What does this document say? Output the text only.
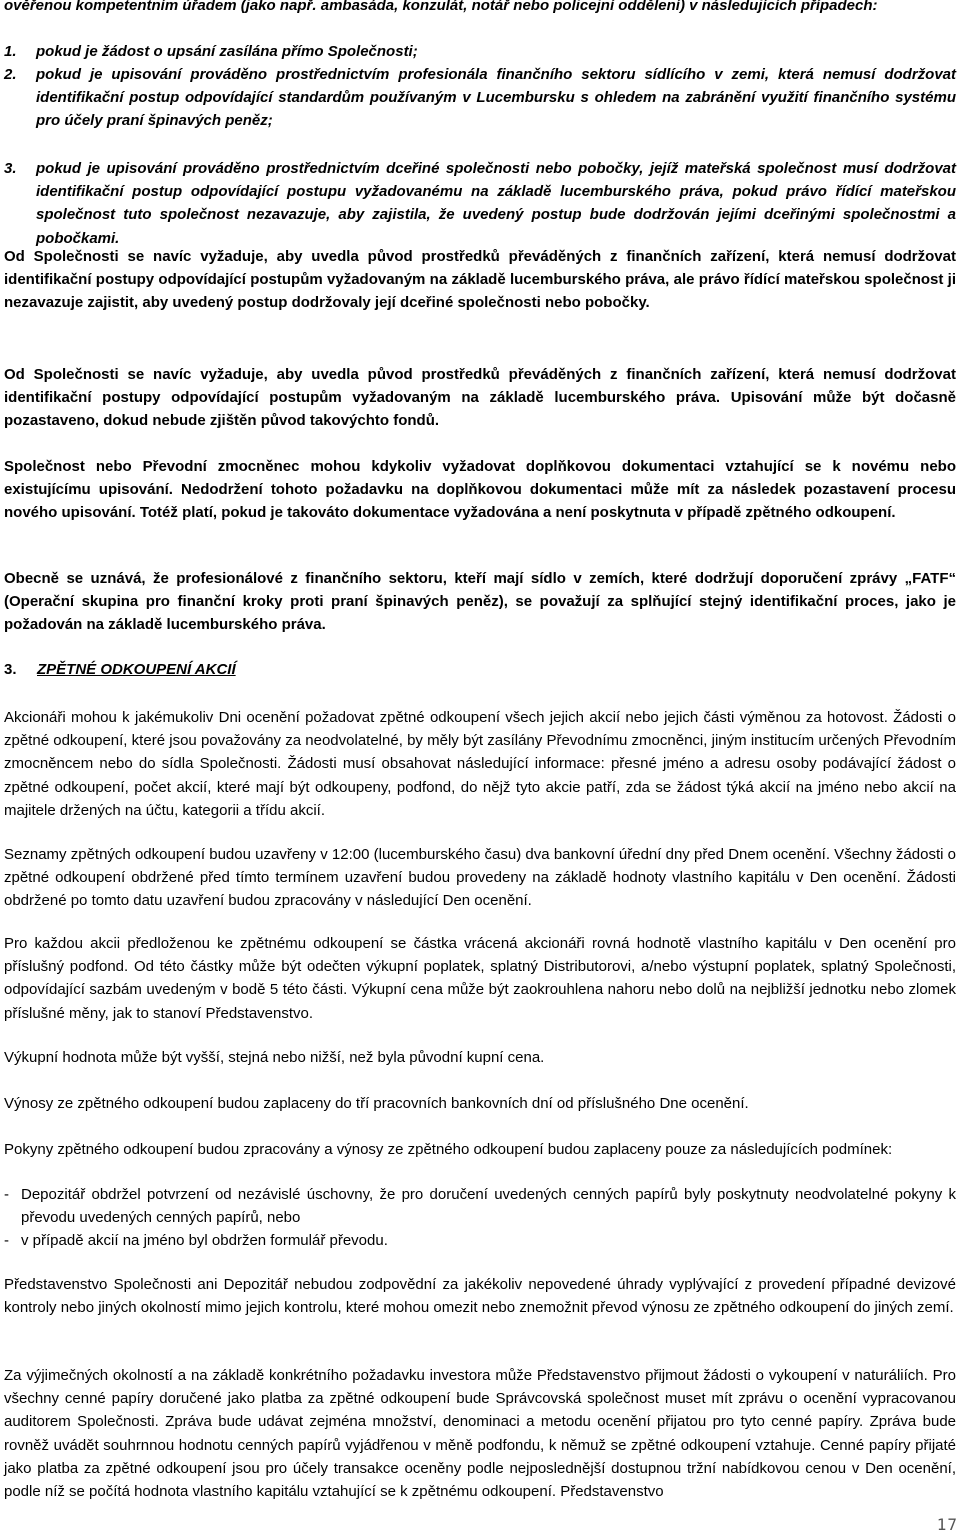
ověřenou kompetentním úřadem (jako např. ambasáda, konzulát, notář nebo policejní oddělení) v následujících případech:

1.	pokud je žádost o upsání zasílána přímo Společnosti;
2.	pokud je upisování prováděno prostřednictvím profesionála finančního sektoru sídlícího v zemi, která nemusí dodržovat identifikační postup odpovídající standardům používaným v Lucembursku s ohledem na zabránění využití finančního systému pro účely praní špinavých peněz;
3.	pokud je upisování prováděno prostřednictvím dceřiné společnosti nebo pobočky, jejíž mateřská společnost musí dodržovat identifikační postup odpovídající postupu vyžadovanému na základě lucemburského práva, pokud právo řídící mateřskou společnost tuto společnost nezavazuje, aby zajistila, že uvedený postup bude dodržován jejími dceřinými společnostmi a pobočkami.

Od Společnosti se navíc vyžaduje, aby uvedla původ prostředků převáděných z finančních zařízení, která nemusí dodržovat identifikační postupy odpovídající postupům vyžadovaným na základě lucemburského práva, ale právo řídící mateřskou společnost ji nezavazuje zajistit, aby uvedený postup dodržovaly její dceřiné společnosti nebo pobočky.

Od Společnosti se navíc vyžaduje, aby uvedla původ prostředků převáděných z finančních zařízení, která nemusí dodržovat identifikační postupy odpovídající postupům vyžadovaným na základě lucemburského práva. Upisování může být dočasně pozastaveno, dokud nebude zjištěn původ takovýchto fondů.

Společnost nebo Převodní zmocněnec mohou kdykoliv vyžadovat doplňkovou dokumentaci vztahující se k novému nebo existujícímu upisování. Nedodržení tohoto požadavku na doplňkovou dokumentaci může mít za následek pozastavení procesu nového upisování. Totéž platí, pokud je takováto dokumentace vyžadována a není poskytnuta v případě zpětného odkoupení.

Obecně se uznává, že profesionálové z finančního sektoru, kteří mají sídlo v zemích, které dodržují doporučení zprávy „FATF“ (Operační skupina pro finanční kroky proti praní špinavých peněz), se považují za splňující stejný identifikační proces, jako je požadován na základě lucemburského práva.

3. ZPĚTNÉ ODKOUPENÍ AKCIÍ

Akcionáři mohou k jakémukoliv Dni ocenění požadovat zpětné odkoupení všech jejich akcií nebo jejich části výměnou za hotovost. Žádosti o zpětné odkoupení, které jsou považovány za neodvolatelné, by měly být zasílány Převodnímu zmocněnci, jiným institucím určených Převodním zmocněncem nebo do sídla Společnosti. Žádosti musí obsahovat následující informace: přesné jméno a adresu osoby podávající žádost o zpětné odkoupení, počet akcií, které mají být odkoupeny, podfond, do nějž tyto akcie patří, zda se žádost týká akcií na jméno nebo akcií na majitele držených na účtu, kategorii a třídu akcií.

Seznamy zpětných odkoupení budou uzavřeny v 12:00 (lucemburského času) dva bankovní úřední dny před Dnem ocenění. Všechny žádosti o zpětné odkoupení obdržené před tímto termínem uzavření budou provedeny na základě hodnoty vlastního kapitálu v Den ocenění. Žádosti obdržené po tomto datu uzavření budou zpracovány v následující Den ocenění.

Pro každou akcii předloženou ke zpětnému odkoupení se částka vrácená akcionáři rovná hodnotě vlastního kapitálu v Den ocenění pro příslušný podfond. Od této částky může být odečten výkupní poplatek, splatný Distributorovi, a/nebo výstupní poplatek, splatný Společnosti, odpovídající sazbám uvedeným v bodě 5 této části. Výkupní cena může být zaokrouhlena nahoru nebo dolů na nejbližší jednotku nebo zlomek příslušné měny, jak to stanoví Představenstvo.

Výkupní hodnota může být vyšší, stejná nebo nižší, než byla původní kupní cena.

Výnosy ze zpětného odkoupení budou zaplaceny do tří pracovních bankovních dní od příslušného Dne ocenění.

Pokyny zpětného odkoupení budou zpracovány a výnosy ze zpětného odkoupení budou zaplaceny pouze za následujících podmínek:

- Depozitář obdržel potvrzení od nezávislé úschovny, že pro doručení uvedených cenných papírů byly poskytnuty neodvolatelné pokyny k převodu uvedených cenných papírů, nebo
- v případě akcií na jméno byl obdržen formulář převodu.

Představenstvo Společnosti ani Depozitář nebudou zodpovědní za jakékoliv nepovedené úhrady vyplývající z provedení případné devizové kontroly nebo jiných okolností mimo jejich kontrolu, které mohou omezit nebo znemožnit převod výnosu ze zpětného odkoupení do jiných zemí.

Za výjimečných okolností a na základě konkrétního požadavku investora může Představenstvo přijmout žádosti o vykoupení v naturáliích. Pro všechny cenné papíry doručené jako platba za zpětné odkoupení bude Správcovská společnost muset mít zprávu o ocenění vypracovanou auditorem Společnosti. Zpráva bude udávat zejména množství, denominaci a metodu ocenění přijatou pro tyto cenné papíry. Zpráva bude rovněž uvádět souhrnnou hodnotu cenných papírů vyjádřenou v měně podfondu, k němuž se zpětné odkoupení vztahuje. Cenné papíry přijaté jako platba za zpětné odkoupení jsou pro účely transakce oceněny podle nejposlednější dostupnou tržní nabídkovou cenou v Den ocenění, podle níž se počítá hodnota vlastního kapitálu vztahující se k zpětnému odkoupení. Představenstvo

17
